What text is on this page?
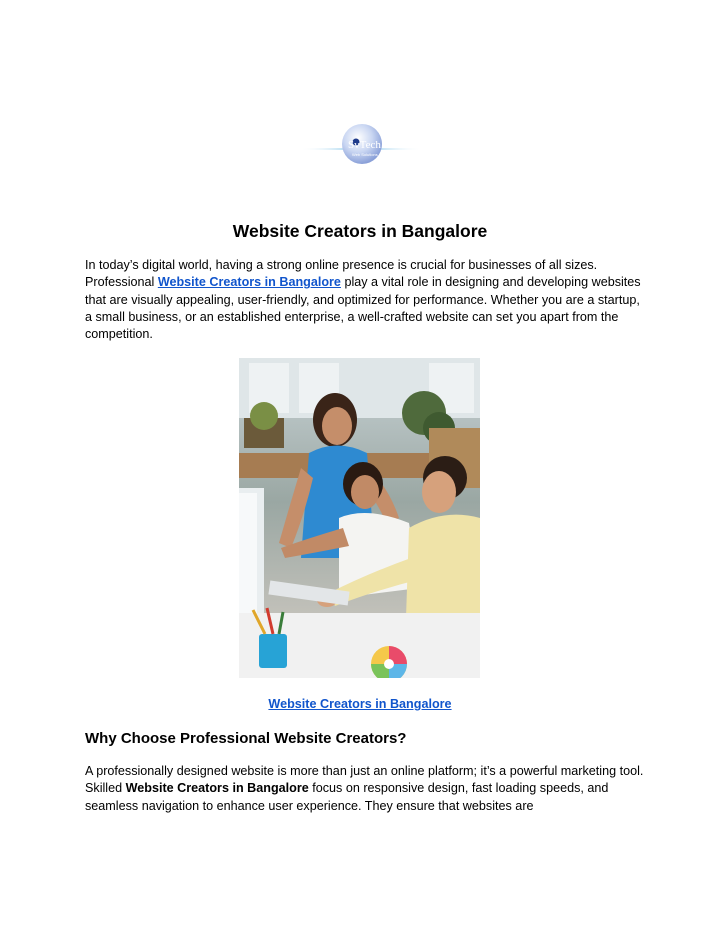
SvTech
Web Solutions
Website Creators in Bangalore

In today’s digital world, having a strong online presence is crucial for businesses of all sizes. Professional Website Creators in Bangalore play a vital role in designing and developing websites that are visually appealing, user-friendly, and optimized for performance. Whether you are a startup, a small business, or an established enterprise, a well-crafted website can set you apart from the competition.

Website Creators in Bangalore

Why Choose Professional Website Creators?

A professionally designed website is more than just an online platform; it’s a powerful marketing tool. Skilled Website Creators in Bangalore focus on responsive design, fast loading speeds, and seamless navigation to enhance user experience. They ensure that websites are
